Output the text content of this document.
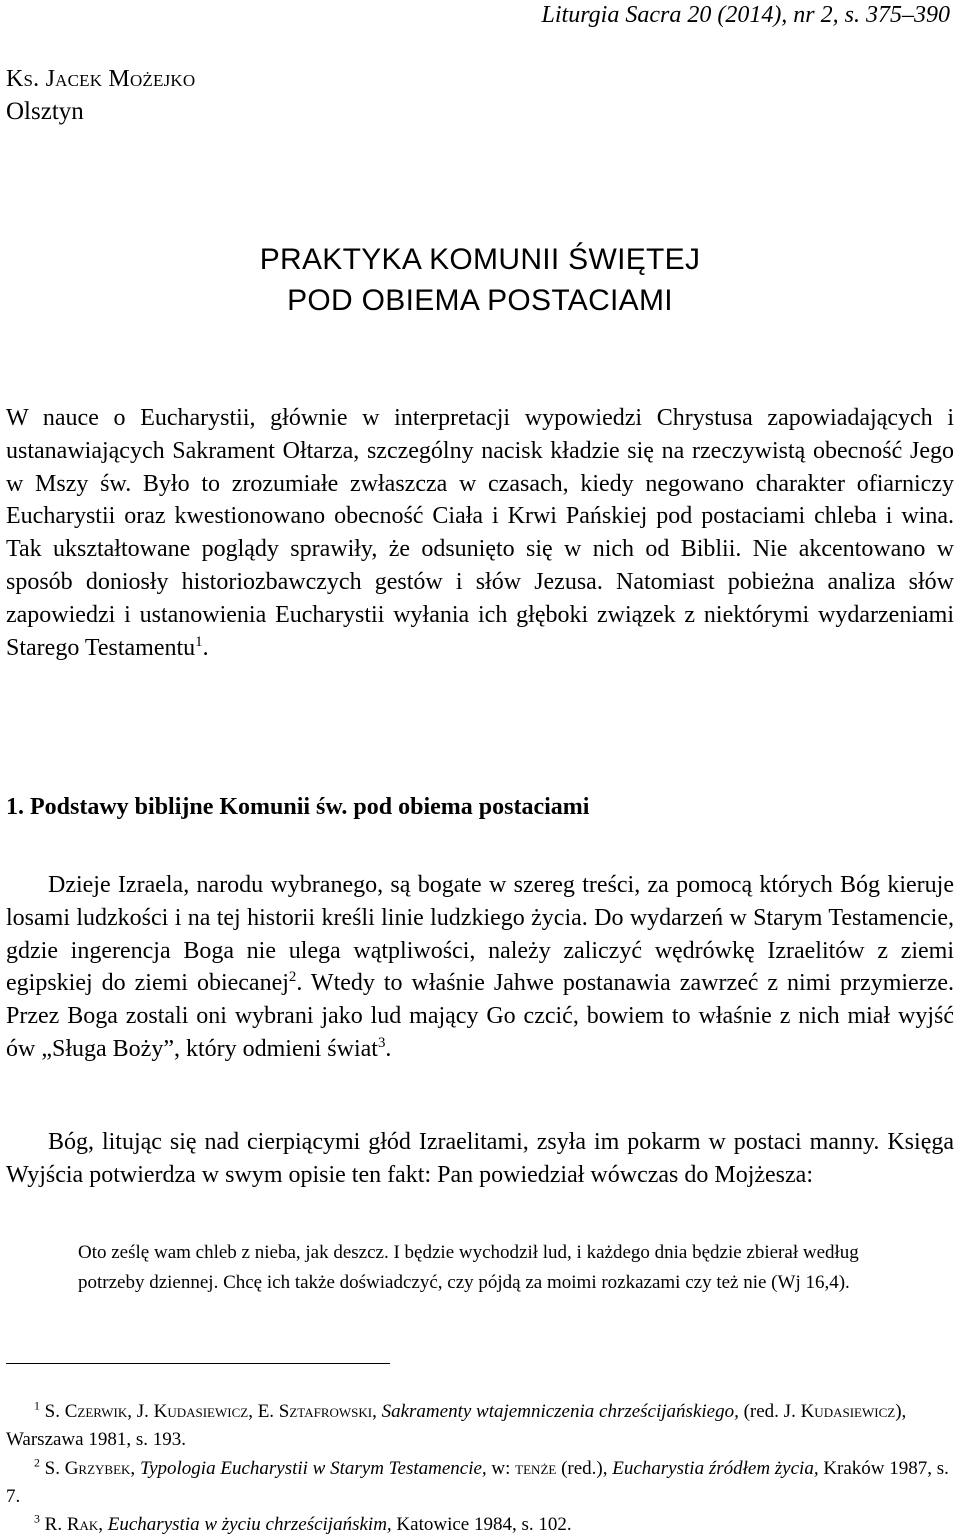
Liturgia Sacra 20 (2014), nr 2, s. 375–390
Ks. Jacek Możejko
Olsztyn
PRAKTYKA KOMUNII ŚWIĘTEJ
POD OBIEMA POSTACIAMI

W nauce o Eucharystii, głównie w interpretacji wypowiedzi Chrystusa zapowiadających i ustanawiających Sakrament Ołtarza, szczególny nacisk kładzie się na rzeczywistą obecność Jego w Mszy św. Było to zrozumiałe zwłaszcza w czasach, kiedy negowano charakter ofiarniczy Eucharystii oraz kwestionowano obecność Ciała i Krwi Pańskiej pod postaciami chleba i wina. Tak ukształtowane poglądy sprawiły, że odsunięto się w nich od Biblii. Nie akcentowano w sposób doniosły historiozbawczych gestów i słów Jezusa. Natomiast pobieżna analiza słów zapowiedzi i ustanowienia Eucharystii wyłania ich głęboki związek z niektórymi wydarzeniami Starego Testamentu$^1$.

1. Podstawy biblijne Komunii św. pod obiema postaciami

Dzieje Izraela, narodu wybranego, są bogate w szereg treści, za pomocą których Bóg kieruje losami ludzkości i na tej historii kreśli linie ludzkiego życia. Do wydarzeń w Starym Testamencie, gdzie ingerencja Boga nie ulega wątpliwości, należy zaliczyć wędrówkę Izraelitów z ziemi egipskiej do ziemi obiecanej$^2$. Wtedy to właśnie Jahwe postanawia zawrzeć z nimi przymierze. Przez Boga zostali oni wybrani jako lud mający Go czcić, bowiem to właśnie z nich miał wyjść ów „Sługa Boży”, który odmieni świat$^3$.

Bóg, litując się nad cierpiącymi głód Izraelitami, zsyła im pokarm w postaci manny. Księga Wyjścia potwierdza w swym opisie ten fakt: Pan powiedział wówczas do Mojżesza:

Oto ześlę wam chleb z nieba, jak deszcz. I będzie wychodził lud, i każdego dnia będzie zbierał według potrzeby dziennej. Chcę ich także doświadczyć, czy pójdą za moimi rozkazami czy też nie (Wj 16,4).

$^1$ S. Czerwik, J. Kudasiewicz, E. Sztafrowski, Sakramenty wtajemniczenia chrześcijańskiego, (red. J. Kudasiewicz), Warszawa 1981, s. 193.

$^2$ S. Grzybek, Typologia Eucharystii w Starym Testamencie, w: tenże (red.), Eucharystia źródłem życia, Kraków 1987, s. 7.

$^3$ R. Rak, Eucharystia w życiu chrześcijańskim, Katowice 1984, s. 102.
